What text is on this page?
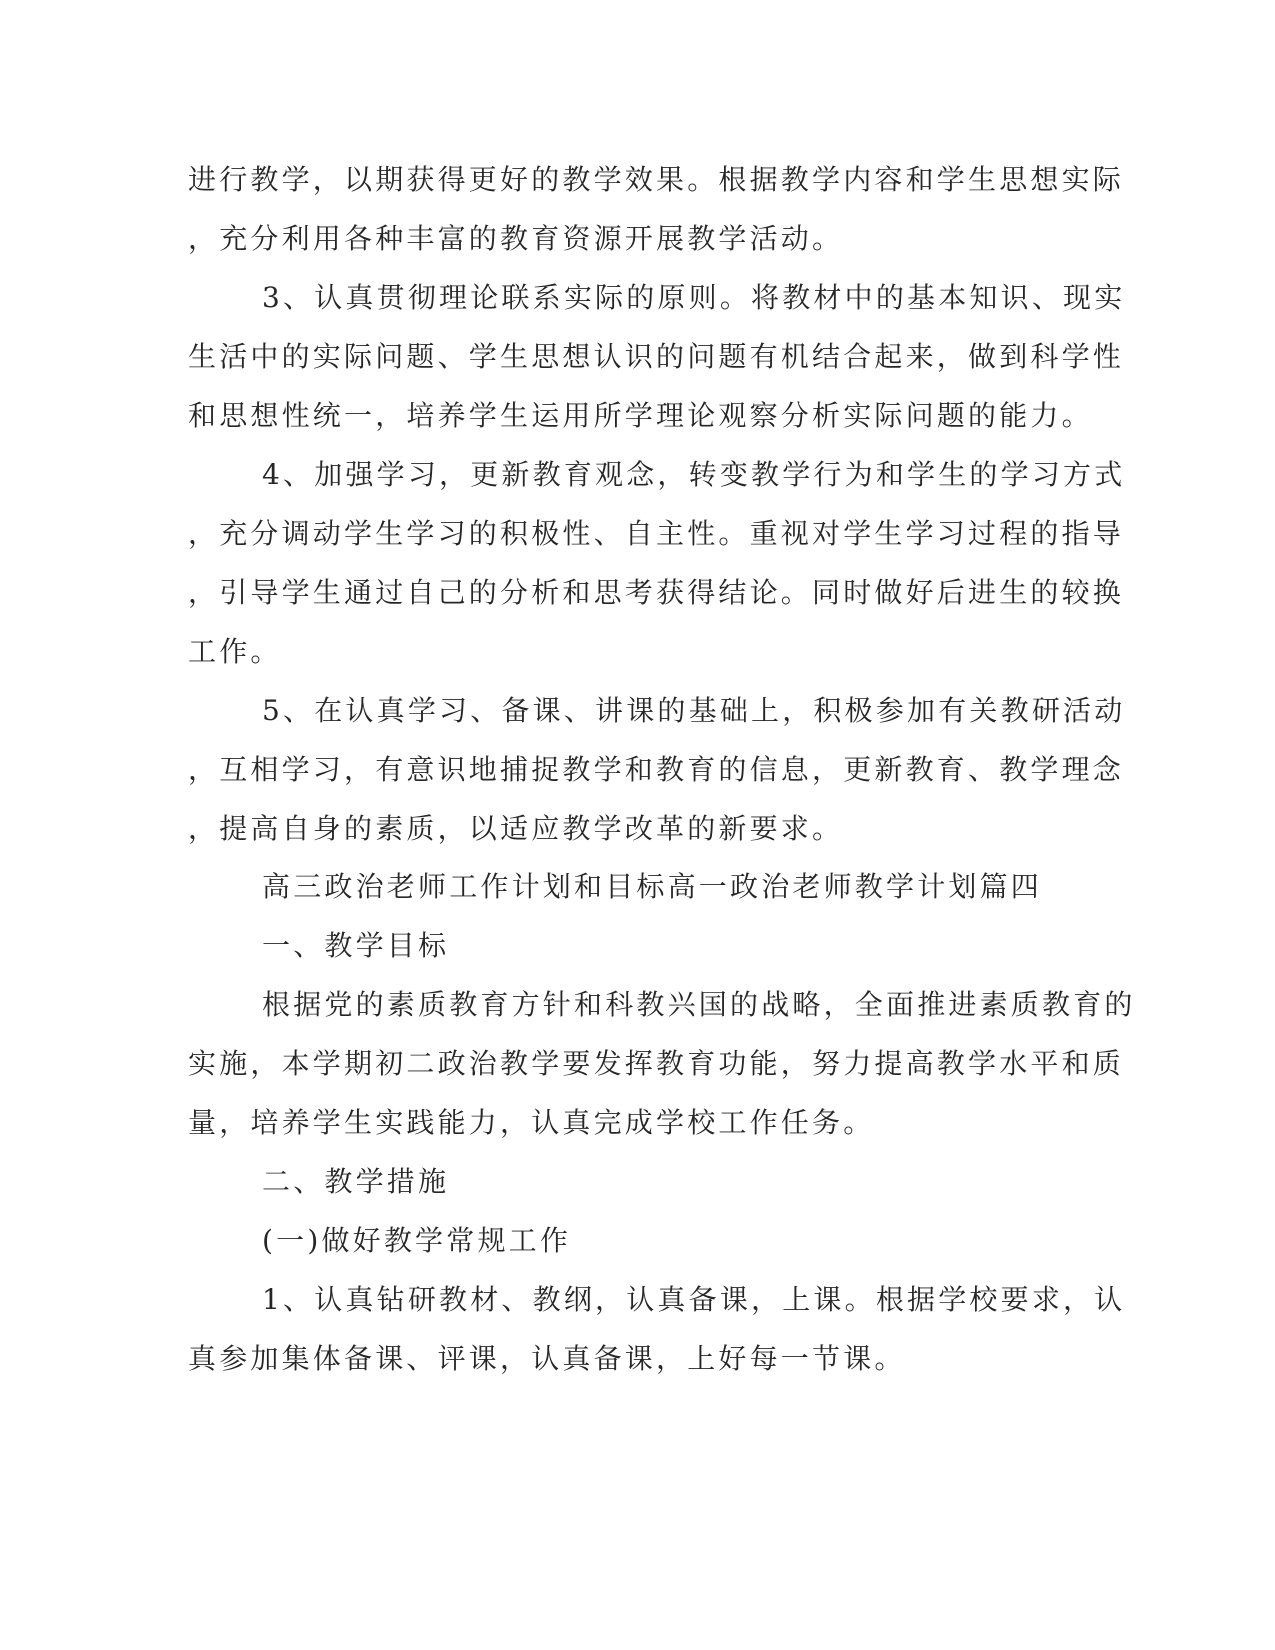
进行教学，以期获得更好的教学效果。根据教学内容和学生思想实际
，充分利用各种丰富的教育资源开展教学活动。
3、认真贯彻理论联系实际的原则。将教材中的基本知识、现实
生活中的实际问题、学生思想认识的问题有机结合起来，做到科学性
和思想性统一，培养学生运用所学理论观察分析实际问题的能力。
4、加强学习，更新教育观念，转变教学行为和学生的学习方式
，充分调动学生学习的积极性、自主性。重视对学生学习过程的指导
，引导学生通过自己的分析和思考获得结论。同时做好后进生的较换
工作。
5、在认真学习、备课、讲课的基础上，积极参加有关教研活动
，互相学习，有意识地捕捉教学和教育的信息，更新教育、教学理念
，提高自身的素质，以适应教学改革的新要求。
高三政治老师工作计划和目标高一政治老师教学计划篇四
一、教学目标
根据党的素质教育方针和科教兴国的战略，全面推进素质教育的
实施，本学期初二政治教学要发挥教育功能，努力提高教学水平和质
量，培养学生实践能力，认真完成学校工作任务。
二、教学措施
(一)做好教学常规工作
1、认真钻研教材、教纲，认真备课，上课。根据学校要求，认
真参加集体备课、评课，认真备课，上好每一节课。
